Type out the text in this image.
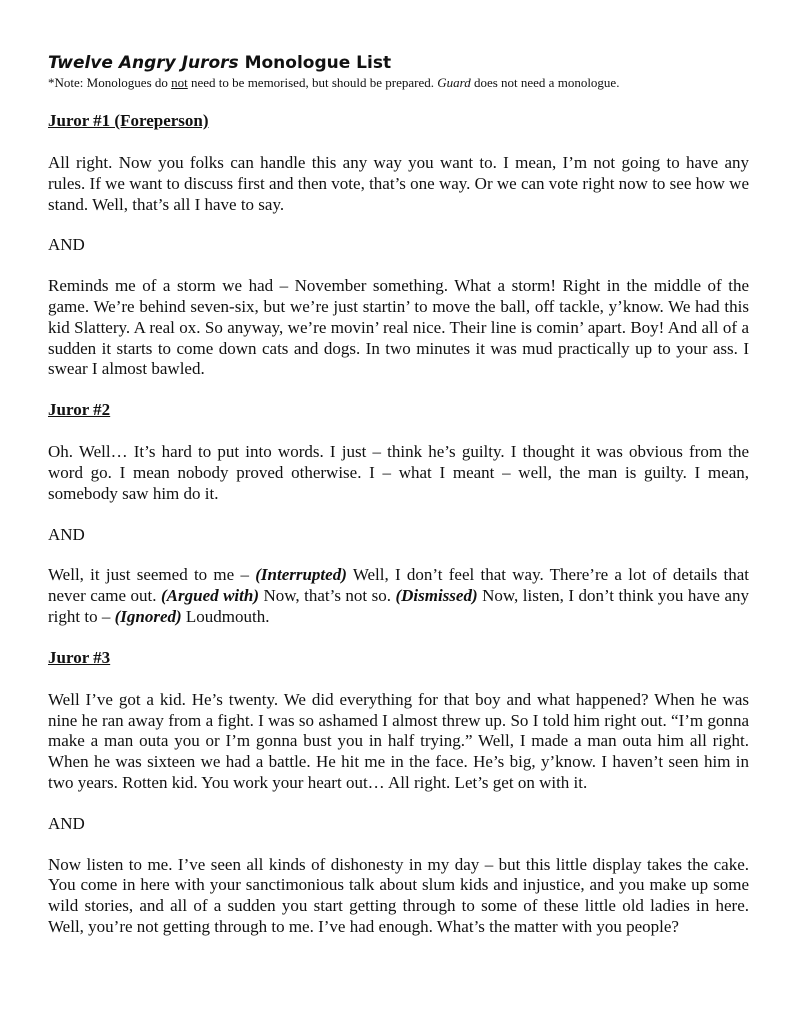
Twelve Angry Jurors Monologue List

*Note: Monologues do not need to be memorised, but should be prepared. Guard does not need a monologue.

Juror #1 (Foreperson)

All right. Now you folks can handle this any way you want to. I mean, I’m not going to have any rules. If we want to discuss first and then vote, that’s one way. Or we can vote right now to see how we stand. Well, that’s all I have to say.

AND

Reminds me of a storm we had – November something. What a storm! Right in the middle of the game. We’re behind seven-six, but we’re just startin’ to move the ball, off tackle, y’know. We had this kid Slattery. A real ox. So anyway, we’re movin’ real nice. Their line is comin’ apart. Boy! And all of a sudden it starts to come down cats and dogs. In two minutes it was mud practically up to your ass. I swear I almost bawled.

Juror #2

Oh. Well… It’s hard to put into words. I just – think he’s guilty. I thought it was obvious from the word go. I mean nobody proved otherwise. I – what I meant – well, the man is guilty. I mean, somebody saw him do it.

AND

Well, it just seemed to me – (Interrupted) Well, I don’t feel that way. There’re a lot of details that never came out. (Argued with) Now, that’s not so. (Dismissed) Now, listen, I don’t think you have any right to – (Ignored) Loudmouth.

Juror #3

Well I’ve got a kid. He’s twenty. We did everything for that boy and what happened? When he was nine he ran away from a fight. I was so ashamed I almost threw up. So I told him right out. “I’m gonna make a man outa you or I’m gonna bust you in half trying.” Well, I made a man outa him all right. When he was sixteen we had a battle. He hit me in the face. He’s big, y’know. I haven’t seen him in two years. Rotten kid. You work your heart out… All right. Let’s get on with it.

AND

Now listen to me. I’ve seen all kinds of dishonesty in my day – but this little display takes the cake. You come in here with your sanctimonious talk about slum kids and injustice, and you make up some wild stories, and all of a sudden you start getting through to some of these little old ladies in here. Well, you’re not getting through to me. I’ve had enough. What’s the matter with you people?
